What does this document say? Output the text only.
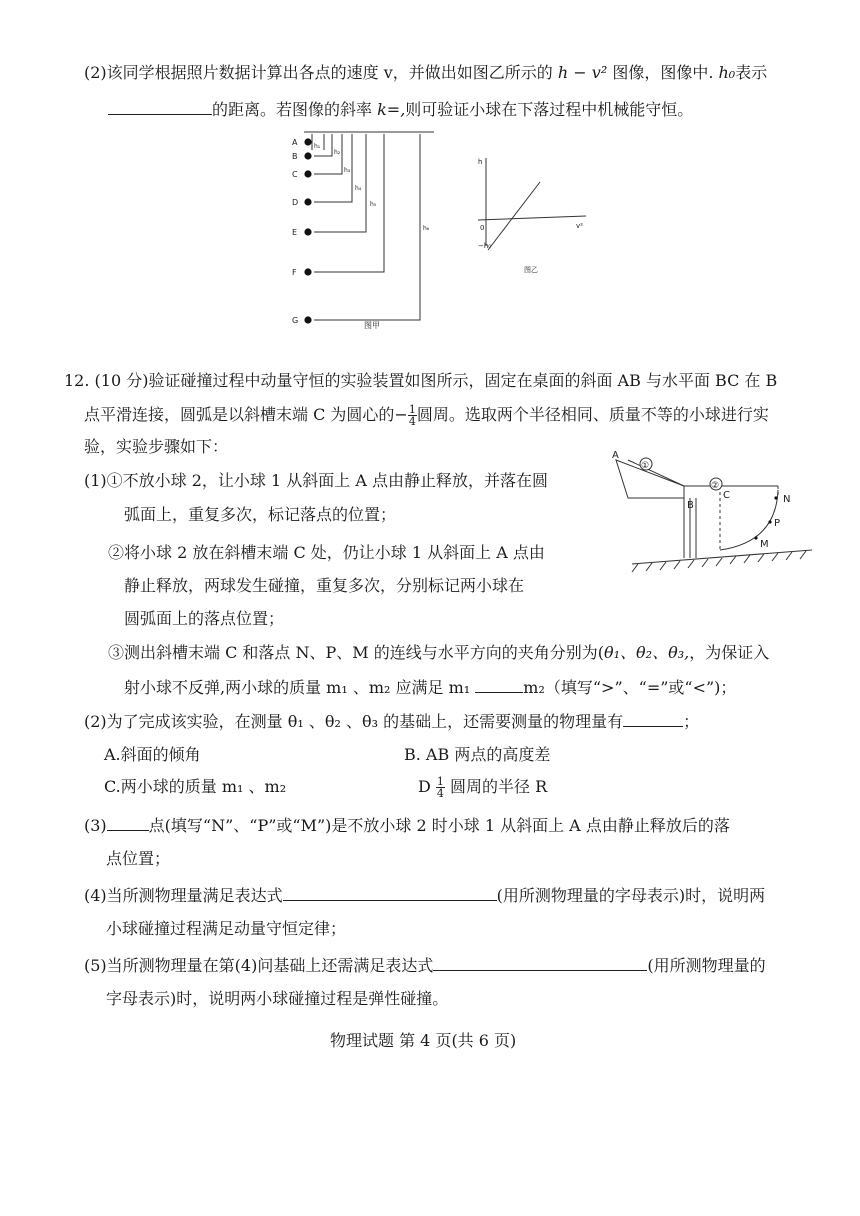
(2)该同学根据照片数据计算出各点的速度 v，并做出如图乙所示的 h − v² 图像，图像中. h₀表示
的距离。若图像的斜率 k=,则可验证小球在下落过程中机械能守恒。
A
B
C
D
E
F
G
h₁
h₂
h₃
h₄
h₅
h₆
图甲
h
v²
0
−h₀
图乙
12. (10 分)验证碰撞过程中动量守恒的实验装置如图所示，固定在桌面的斜面 AB 与水平面 BC 在 B
点平滑连接，圆弧是以斜槽末端 C 为圆心的− $\frac{1}{4}$ 圆周。选取两个半径相同、质量不等的小球进行实
验，实验步骤如下：
(1)①不放小球 2，让小球 1 从斜面上 A 点由静止释放，并落在圆
弧面上，重复多次，标记落点的位置；
②将小球 2 放在斜槽末端 C 处，仍让小球 1 从斜面上 A 点由
静止释放，两球发生碰撞，重复多次，分别标记两小球在
圆弧面上的落点位置；
A
①
B
②
C	N
P
M
③测出斜槽末端 C 和落点 N、P、M 的连线与水平方向的夹角分别为(θ₁、θ₂、θ₃,，为保证入
射小球不反弹,两小球的质量 m₁ 、m₂ 应满足 m₁	m₂（填写“>”、“=”或“<”)；
(2)为了完成该实验，在测量 θ₁ 、θ₂ 、θ₃ 的基础上，还需要测量的物理量有	；
A.斜面的倾角	B. AB 两点的高度差
C.两小球的质量 m₁ 、m₂	D $\frac{1}{4}$ 圆周的半径 R
(3)	点(填写“N”、“P”或“M”)是不放小球 2 时小球 1 从斜面上 A 点由静止释放后的落
点位置；
(4)当所测物理量满足表达式	(用所测物理量的字母表示)时，说明两
小球碰撞过程满足动量守恒定律；
(5)当所测物理量在第(4)问基础上还需满足表达式	(用所测物理量的
字母表示)时，说明两小球碰撞过程是弹性碰撞。
物理试题 第 4 页(共 6 页)
